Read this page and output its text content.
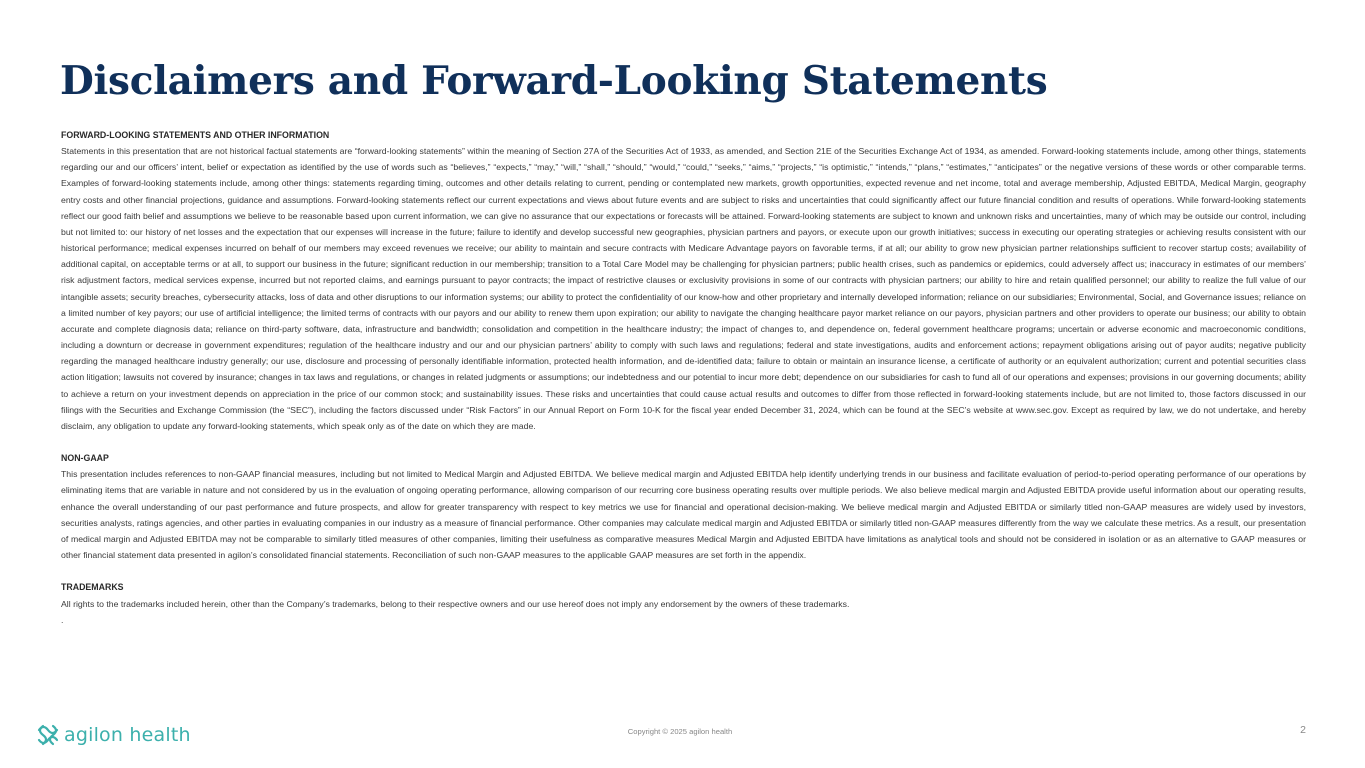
Disclaimers and Forward-Looking Statements

FORWARD-LOOKING STATEMENTS AND OTHER INFORMATION

Statements in this presentation that are not historical factual statements are “forward-looking statements” within the meaning of Section 27A of the Securities Act of 1933, as amended, and Section 21E of the Securities Exchange Act of 1934, as amended. Forward-looking statements include, among other things, statements regarding our and our officers’ intent, belief or expectation as identified by the use of words such as “believes,” “expects,” “may,” “will,” “shall,” “should,” “would,” “could,” “seeks,” “aims,” “projects,” “is optimistic,” “intends,” “plans,” “estimates,” “anticipates” or the negative versions of these words or other comparable terms. Examples of forward-looking statements include, among other things: statements regarding timing, outcomes and other details relating to current, pending or contemplated new markets, growth opportunities, expected revenue and net income, total and average membership, Adjusted EBITDA, Medical Margin, geography entry costs and other financial projections, guidance and assumptions. Forward-looking statements reflect our current expectations and views about future events and are subject to risks and uncertainties that could significantly affect our future financial condition and results of operations. While forward-looking statements reflect our good faith belief and assumptions we believe to be reasonable based upon current information, we can give no assurance that our expectations or forecasts will be attained. Forward-looking statements are subject to known and unknown risks and uncertainties, many of which may be outside our control, including but not limited to: our history of net losses and the expectation that our expenses will increase in the future; failure to identify and develop successful new geographies, physician partners and payors, or execute upon our growth initiatives; success in executing our operating strategies or achieving results consistent with our historical performance; medical expenses incurred on behalf of our members may exceed revenues we receive; our ability to maintain and secure contracts with Medicare Advantage payors on favorable terms, if at all; our ability to grow new physician partner relationships sufficient to recover startup costs; availability of additional capital, on acceptable terms or at all, to support our business in the future; significant reduction in our membership; transition to a Total Care Model may be challenging for physician partners; public health crises, such as pandemics or epidemics, could adversely affect us; inaccuracy in estimates of our members’ risk adjustment factors, medical services expense, incurred but not reported claims, and earnings pursuant to payor contracts; the impact of restrictive clauses or exclusivity provisions in some of our contracts with physician partners; our ability to hire and retain qualified personnel; our ability to realize the full value of our intangible assets; security breaches, cybersecurity attacks, loss of data and other disruptions to our information systems; our ability to protect the confidentiality of our know-how and other proprietary and internally developed information; reliance on our subsidiaries; Environmental, Social, and Governance issues; reliance on a limited number of key payors; our use of artificial intelligence; the limited terms of contracts with our payors and our ability to renew them upon expiration; our ability to navigate the changing healthcare payor market reliance on our payors, physician partners and other providers to operate our business; our ability to obtain accurate and complete diagnosis data; reliance on third-party software, data, infrastructure and bandwidth; consolidation and competition in the healthcare industry; the impact of changes to, and dependence on, federal government healthcare programs; uncertain or adverse economic and macroeconomic conditions, including a downturn or decrease in government expenditures; regulation of the healthcare industry and our and our physician partners’ ability to comply with such laws and regulations; federal and state investigations, audits and enforcement actions; repayment obligations arising out of payor audits; negative publicity regarding the managed healthcare industry generally; our use, disclosure and processing of personally identifiable information, protected health information, and de-identified data; failure to obtain or maintain an insurance license, a certificate of authority or an equivalent authorization; current and potential securities class action litigation; lawsuits not covered by insurance; changes in tax laws and regulations, or changes in related judgments or assumptions; our indebtedness and our potential to incur more debt; dependence on our subsidiaries for cash to fund all of our operations and expenses; provisions in our governing documents; ability to achieve a return on your investment depends on appreciation in the price of our common stock; and sustainability issues. These risks and uncertainties that could cause actual results and outcomes to differ from those reflected in forward-looking statements include, but are not limited to, those factors discussed in our filings with the Securities and Exchange Commission (the “SEC”), including the factors discussed under “Risk Factors” in our Annual Report on Form 10-K for the fiscal year ended December 31, 2024, which can be found at the SEC’s website at www.sec.gov. Except as required by law, we do not undertake, and hereby disclaim, any obligation to update any forward-looking statements, which speak only as of the date on which they are made.

NON-GAAP

This presentation includes references to non-GAAP financial measures, including but not limited to Medical Margin and Adjusted EBITDA. We believe medical margin and Adjusted EBITDA help identify underlying trends in our business and facilitate evaluation of period-to-period operating performance of our operations by eliminating items that are variable in nature and not considered by us in the evaluation of ongoing operating performance, allowing comparison of our recurring core business operating results over multiple periods. We also believe medical margin and Adjusted EBITDA provide useful information about our operating results, enhance the overall understanding of our past performance and future prospects, and allow for greater transparency with respect to key metrics we use for financial and operational decision-making. We believe medical margin and Adjusted EBITDA or similarly titled non-GAAP measures are widely used by investors, securities analysts, ratings agencies, and other parties in evaluating companies in our industry as a measure of financial performance. Other companies may calculate medical margin and Adjusted EBITDA or similarly titled non-GAAP measures differently from the way we calculate these metrics. As a result, our presentation of medical margin and Adjusted EBITDA may not be comparable to similarly titled measures of other companies, limiting their usefulness as comparative measures Medical Margin and Adjusted EBITDA have limitations as analytical tools and should not be considered in isolation or as an alternative to GAAP measures or other financial statement data presented in agilon’s consolidated financial statements. Reconciliation of such non-GAAP measures to the applicable GAAP measures are set forth in the appendix.

TRADEMARKS

All rights to the trademarks included herein, other than the Company’s trademarks, belong to their respective owners and our use hereof does not imply any endorsement by the owners of these trademarks.

.

agilon health	Copyright © 2025 agilon health	2
